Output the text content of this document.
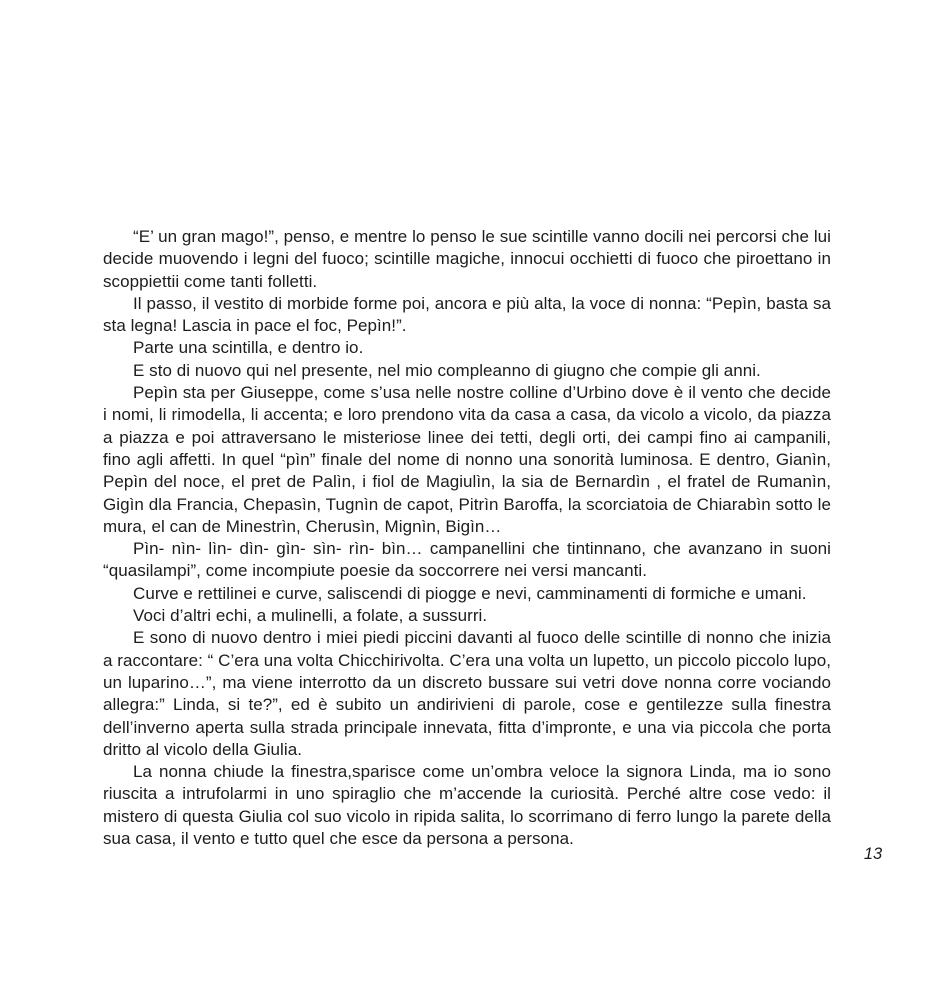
“E’ un gran mago!”, penso, e mentre lo penso le sue scintille vanno docili nei percorsi che lui decide muovendo i legni del fuoco; scintille magiche, innocui occhietti di fuoco che piroettano in scoppiettii come tanti folletti.

Il passo, il vestito di morbide forme poi, ancora e più alta, la voce di nonna: “Pepìn, basta sa sta legna! Lascia in pace el foc, Pepìn!”.

Parte una scintilla, e dentro io.

E sto di nuovo qui nel presente, nel mio compleanno di giugno che compie gli anni.

Pepìn sta per Giuseppe, come s’usa nelle nostre colline d’Urbino dove è il vento che decide i nomi, li rimodella, li accenta; e loro prendono vita da casa a casa, da vicolo a vicolo, da piazza a piazza e poi attraversano le misteriose linee dei tetti, degli orti, dei campi fino ai campanili, fino agli affetti. In quel “pìn” finale del nome di nonno una sonorità luminosa. E dentro, Gianìn, Pepìn del noce, el pret de Palìn, i fiol de Magiulìn, la sia de Bernardìn , el fratel de Rumanìn, Gigìn dla Francia, Chepasìn, Tugnìn de capot, Pitrìn Baroffa, la scorciatoia de Chiarabìn sotto le mura, el can de Minestrìn, Cherusìn, Mignìn, Bigìn…

Pìn- nìn- lìn- dìn- gìn- sìn- rìn- bìn… campanellini che tintinnano, che avanzano in suoni “quasilampi”, come incompiute poesie da soccorrere nei versi mancanti.

Curve e rettilinei e curve, saliscendi di piogge e nevi, camminamenti di formiche e umani.

Voci d’altri echi, a mulinelli, a folate, a sussurri.

E sono di nuovo dentro i miei piedi piccini davanti al fuoco delle scintille di nonno che inizia a raccontare: “ C’era una volta Chicchirivolta. C’era una volta un lupetto, un piccolo piccolo lupo, un luparino…”, ma viene interrotto da un discreto bussare sui vetri dove nonna corre vociando allegra:” Linda, si te?”, ed è subito un andirivieni di parole, cose e gentilezze sulla finestra dell’inverno aperta sulla strada principale innevata, fitta d’impronte, e una via piccola che porta dritto al vicolo della Giulia.

La nonna chiude la finestra,sparisce come un’ombra veloce la signora Linda, ma io sono riuscita a intrufolarmi in uno spiraglio che m’accende la curiosità. Perché altre cose vedo: il mistero di questa Giulia col suo vicolo in ripida salita, lo scorrimano di ferro lungo la parete della sua casa, il vento e tutto quel che esce da persona a persona.

13
